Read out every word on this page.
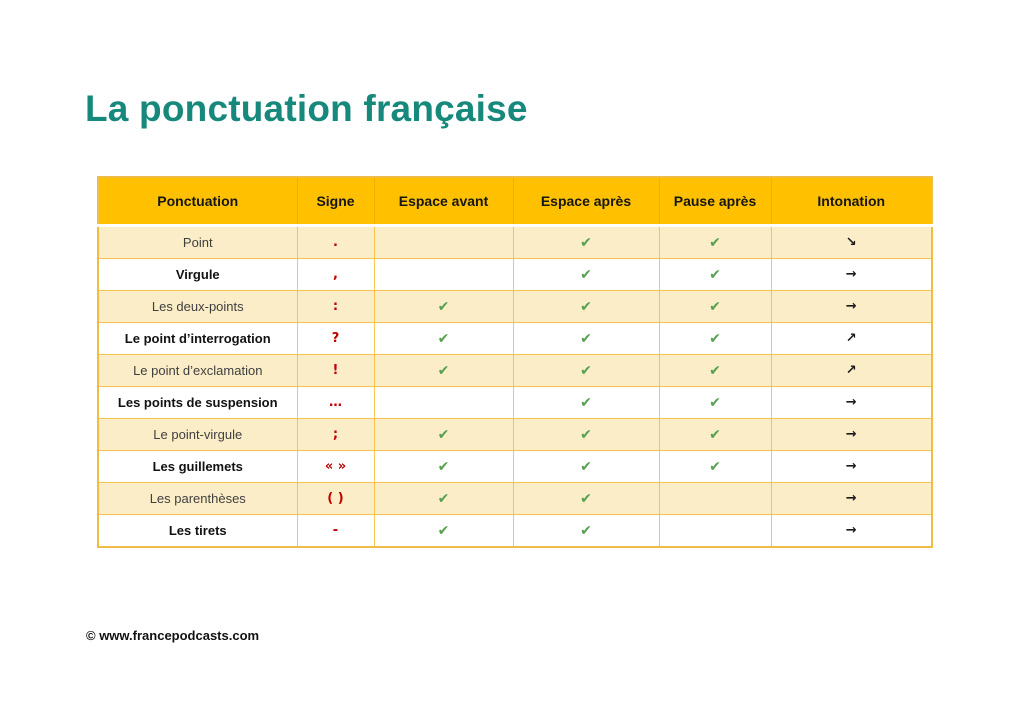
La ponctuation française
Ponctuation	Signe	Espace avant	Espace après	Pause après	Intonation
Point	.		✔	✔	↘
Virgule	,		✔	✔	→
Les deux-points	:	✔	✔	✔	→
Le point d’interrogation	?	✔	✔	✔	↗
Le point d’exclamation	!	✔	✔	✔	↗
Les points de suspension	…		✔	✔	→
Le point-virgule	;	✔	✔	✔	→
Les guillemets	« »	✔	✔	✔	→
Les parenthèses	( )	✔	✔		→
Les tirets	-	✔	✔		→
© www.francepodcasts.com
